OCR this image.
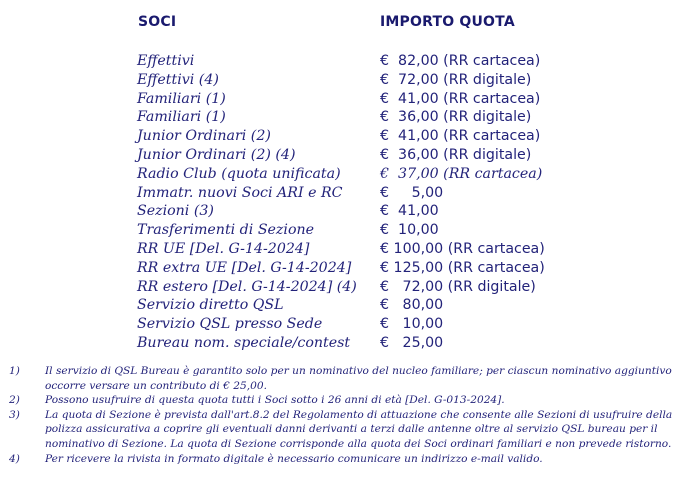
SOCI	IMPORTO QUOTA
Effettivi	€  82,00 (RR cartacea)
Effettivi (4)	€  72,00 (RR digitale)
Familiari (1)	€  41,00 (RR cartacea)
Familiari (1)	€  36,00 (RR digitale)
Junior Ordinari (2)	€  41,00 (RR cartacea)
Junior Ordinari (2) (4)	€  36,00 (RR digitale)
Radio Club (quota unificata)	€  37,00 (RR cartacea)
Immatr. nuovi Soci ARI e RC	€     5,00
Sezioni (3)	€  41,00
Trasferimenti di Sezione	€  10,00
RR UE [Del. G-14-2024]	€ 100,00 (RR cartacea)
RR extra UE [Del. G-14-2024] € 125,00 (RR cartacea)
RR estero [Del. G-14-2024] (4) €   72,00 (RR digitale)
Servizio diretto QSL	€   80,00
Servizio QSL presso Sede	€   10,00
Bureau nom. speciale/contest €   25,00
1) Il servizio di QSL Bureau è garantito solo per un nominativo del nucleo familiare; per ciascun nominativo aggiuntivo occorre versare un contributo di € 25,00.
2) Possono usufruire di questa quota tutti i Soci sotto i 26 anni di età [Del. G-013-2024].
3) La quota di Sezione è prevista dall'art.8.2 del Regolamento di attuazione che consente alle Sezioni di usufruire della polizza assicurativa a coprire gli eventuali danni derivanti a terzi dalle antenne oltre al servizio QSL bureau per il nominativo di Sezione. La quota di Sezione corrisponde alla quota dei Soci ordinari familiari e non prevede ristorno.
4) Per ricevere la rivista in formato digitale è necessario comunicare un indirizzo e-mail valido.
